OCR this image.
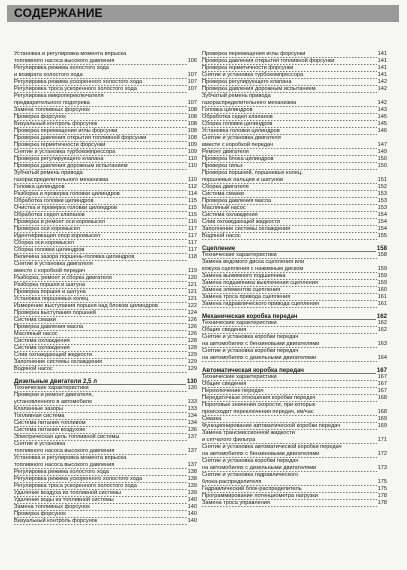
СОДЕРЖАНИЕ
Установка и регулировка момента впрыска
топливного насоса высокого давления	106
Регулировка режима холостого хода
и возврата холостого хода	107
Регулировка режима ускоренного холостого хода	107
Регулировка троса ускоренного холостого хода	107
Регулировка микропереключателя
предварительного подогрева	107
Замена топливных форсунок	108
Проверка форсунок	108
Визуальный контроль форсунок	108
Проверка перемещения иглы форсунки	108
Проверка давления открытия топливной форсунки	108
Проверка герметичности форсунки	109
Снятие и установка турбокомпрессора	109
Проверка регулирующего клапана	110
Проверка давления дорожным испытанием	110
Зубчатый ремень привода
газораспределительного механизма	110
Головка цилиндров	112
Разборка и проверка головки цилиндров	114
Обработка головки цилиндров	115
Очистка и проверка головки цилиндров	115
Обработка седел клапанов	115
Проверка и ремонт оси коромысел	116
Проверка оси коромысел	117
Идентификация опор коромысел	117
Сборка оси коромысел	117
Сборка головки цилиндров	117
Величина зазора поршень-головка цилиндров	118
Снятие и установка двигателя
вместе с коробкой передач	119
Разборка, ремонт и сборка двигателя	120
Разборка поршня и шатуна	121
Проверка поршня и шатуна	121
Установка поршневых колец	121
Измерение выступания поршня над блоком цилиндров	122
Проверка выступания поршней	124
Система смазки	126
Проверка давления масла	126
Масляный насос	126
Система охлаждения	128
Система охлаждения	128
Слив охлаждающей жидкости	129
Заполнение системы охлаждения	129
Водяной насос	129
Дизельные двигатели 2,5 л	130
Технические характеристики	130
Проверки и ремонт двигателя,
установленного в автомобиле	133
Клапанные зазоры	133
Топливная система	134
Система питания топливом	134
Система питания воздухом	136
Электрическая цепь топливной системы	137
Снятие и установка
топливного насоса высокого давления	137
Установка и регулировка момента впрыска
топливного насоса высокого давления	137
Регулировка режима холостого хода	138
Регулировка режима ускоренного холостого хода	138
Регулировка троса ускоренного холостого хода	139
Удаление воздуха из топливной системы	139
Удаление воды из топливной системы	140
Замена топливных форсунок	140
Проверка форсунок	140
Визуальный контроль форсунок	140
Проверка перемещения иглы форсунки	141
Проверка давления открытия топливной форсунки	141
Проверка герметичности форсунки	141
Снятие и установка турбокомпрессора	141
Проверка регулирующего клапана	142
Проверка давления дорожным испытанием	142
Зубчатый ремень привода
газораспределительного механизма	142
Головка цилиндров	143
Обработка седел клапанов	145
Сборка головки цилиндров	145
Установка головки цилиндров	146
Снятие и установка двигателя
вместе с коробкой передач	147
Ремонт двигателя	149
Проверка блока цилиндров	150
Проверка гильз	150
Проверка поршней, поршневых колец,
поршневых пальцев и шатунов	151
Сборка двигателя	152
Система смазки	153
Проверка давления масла	153
Масляный насос	153
Система охлаждения	154
Слив охлаждающей жидкости	154
Заполнение системы охлаждения	154
Водяной насос	155
Сцепление	158
Технические характеристики	158
Замена ведомого диска сцепления или
кожуха сцепления с нажимным диском	159
Замена выжимного подшипника	159
Замена подшипника выключения сцепления	159
Замена элементов сцепления	160
Замена троса привода сцепления	161
Замена гидравлического привода сцепления	161
Механическая коробка передач	162
Технические характеристики	162
Общие сведения	162
Снятие и установка коробки передач
на автомобилях с бензиновыми двигателями	163
Снятие и установка коробки передач
на автомобилях с дизельными двигателями	164
Автоматическая коробка передач	167
Технические характеристики	167
Общие сведения	167
Переключение передач	167
Передаточные отношения коробки передач	168
Пороговые значения скорости, при которых
происходит переключения передач, км/час	168
Смазка	169
Функционирование автоматической коробки передач	169
Замена трансмиссионной жидкости
и сетчатого фильтра	171
Снятие и установка автоматической коробки передач
на автомобилях с бензиновыми двигателями	172
Снятие и установка коробки передач
на автомобилях с дизельными двигателями	173
Снятие и установка гидравлического
блока-распределителя	175
Гидравлический блок-распределитель	175
Программирование потенциометра нагрузки	178
Замена троса управления	178
